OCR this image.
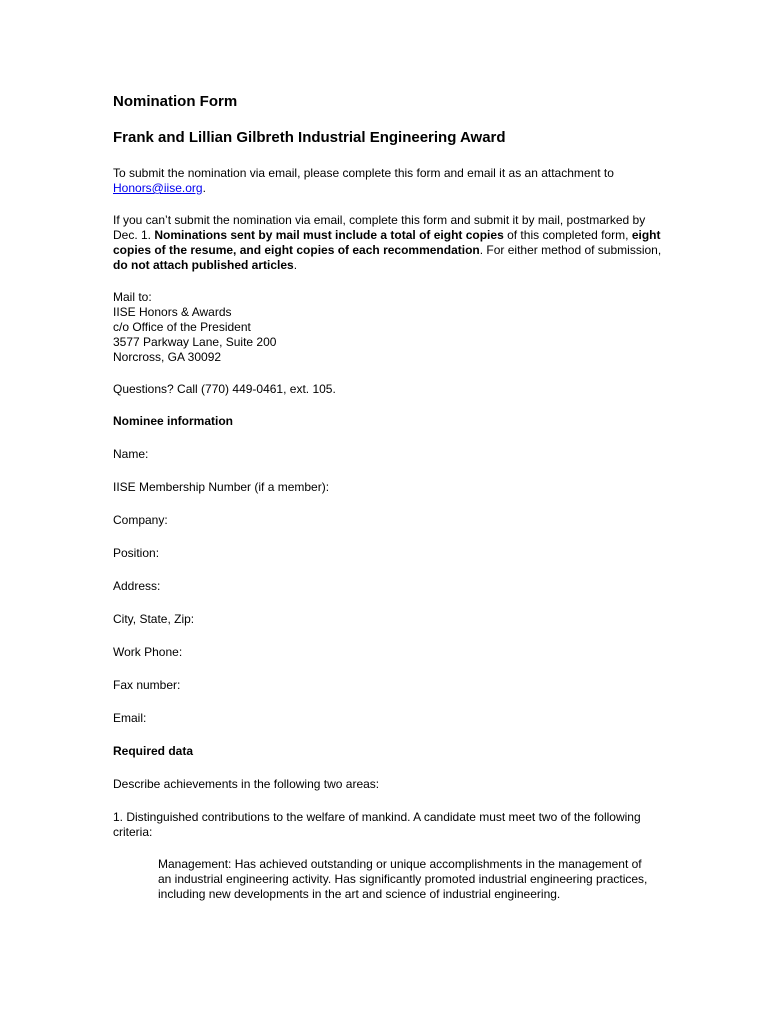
Nomination Form
Frank and Lillian Gilbreth Industrial Engineering Award

To submit the nomination via email, please complete this form and email it as an attachment to Honors@iise.org.

If you can’t submit the nomination via email, complete this form and submit it by mail, postmarked by Dec. 1. Nominations sent by mail must include a total of eight copies of this completed form, eight copies of the resume, and eight copies of each recommendation. For either method of submission, do not attach published articles.

Mail to:
IISE Honors & Awards
c/o Office of the President
3577 Parkway Lane, Suite 200
Norcross, GA 30092

Questions? Call (770) 449-0461, ext. 105.

Nominee information

Name:

IISE Membership Number (if a member):

Company:

Position:

Address:

City, State, Zip:

Work Phone:

Fax number:

Email:

Required data

Describe achievements in the following two areas:

1. Distinguished contributions to the welfare of mankind. A candidate must meet two of the following criteria:

Management: Has achieved outstanding or unique accomplishments in the management of an industrial engineering activity. Has significantly promoted industrial engineering practices, including new developments in the art and science of industrial engineering.
